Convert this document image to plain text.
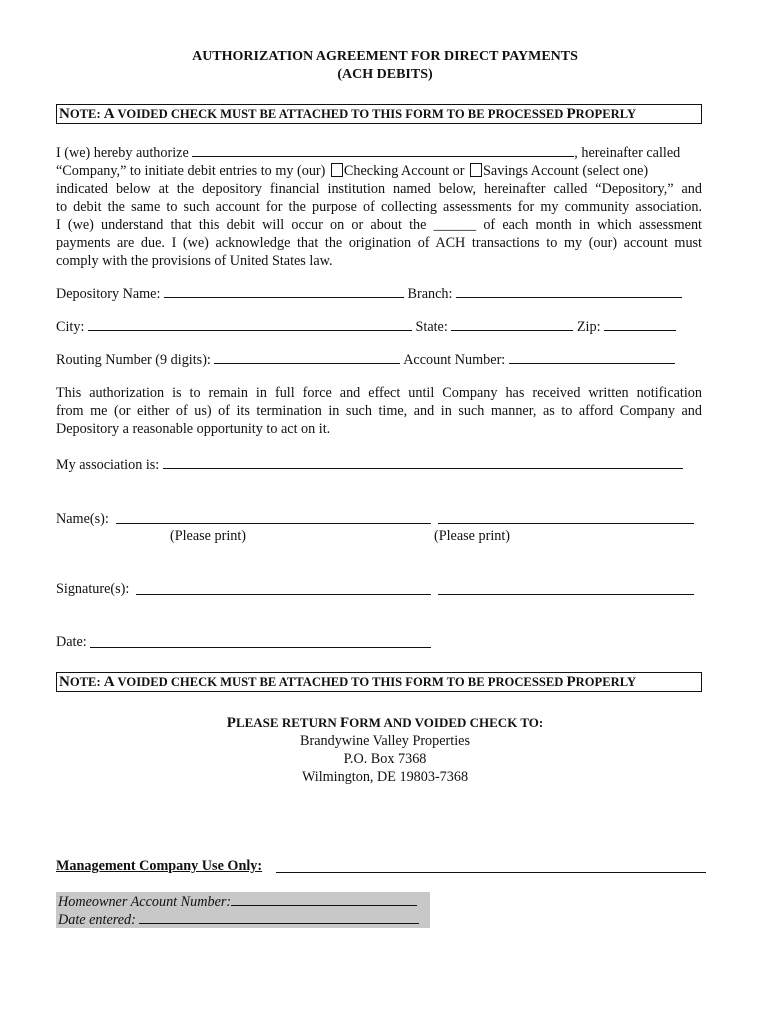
AUTHORIZATION AGREEMENT FOR DIRECT PAYMENTS
(ACH DEBITS)
NOTE: A VOIDED CHECK MUST BE ATTACHED TO THIS FORM TO BE PROCESSED PROPERLY
I (we) hereby authorize	, hereinafter called
“Company,” to initiate debit entries to my (our) Checking Account or Savings Account (select one)
indicated below at the depository financial institution named below, hereinafter called “Depository,” and
to debit the same to such account for the purpose of collecting assessments for my community association.
I (we) understand that this debit will occur on or about the ______ of each month in which assessment
payments are due. I (we) acknowledge that the origination of ACH transactions to my (our) account must
comply with the provisions of United States law.
Depository Name:	Branch:
City:	State:	Zip:
Routing Number (9 digits):	Account Number:
This authorization is to remain in full force and effect until Company has received written notification
from me (or either of us) of its termination in such time, and in such manner, as to afford Company and
Depository a reasonable opportunity to act on it.
My association is:
Name(s):
(Please print)	(Please print)
Signature(s):
Date:
NOTE: A VOIDED CHECK MUST BE ATTACHED TO THIS FORM TO BE PROCESSED PROPERLY
PLEASE RETURN FORM AND VOIDED CHECK TO:
Brandywine Valley Properties
P.O. Box 7368
Wilmington, DE 19803-7368
Management Company Use Only:
Homeowner Account Number:
Date entered:
